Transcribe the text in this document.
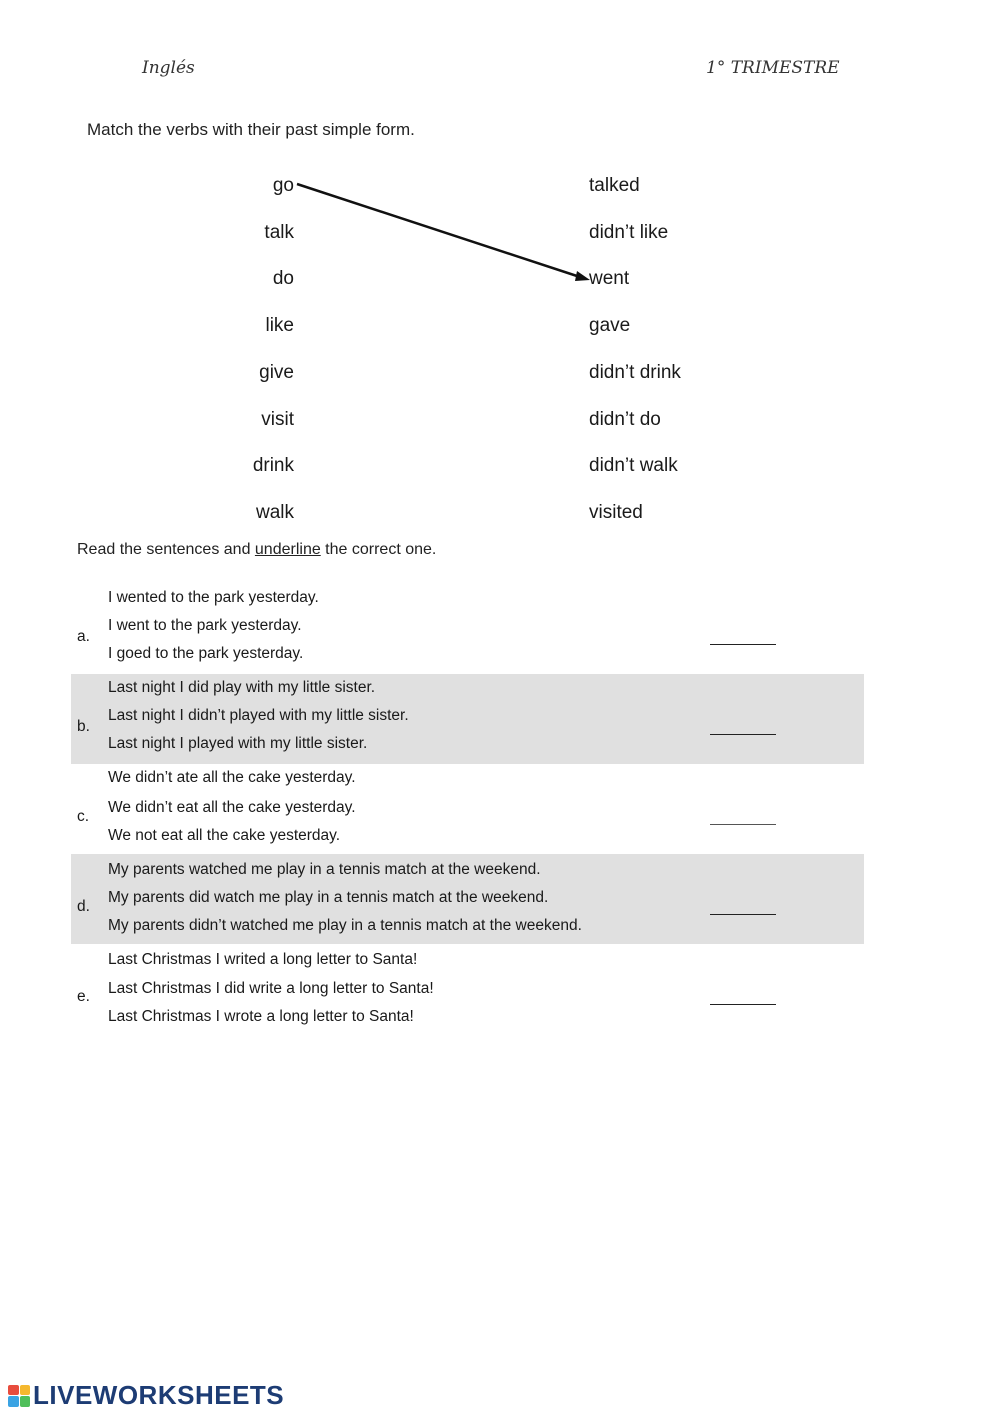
Inglés	1° TRIMESTRE
Match the verbs with their past simple form.
go
talk
do
like
give
visit
drink
walk
talked
didn’t like
went
gave
didn’t drink
didn’t do
didn’t walk
visited
Read the sentences and underline the correct one.
I wented to the park yesterday.
a.
I went to the park yesterday.
I goed to the park yesterday.
Last night I did play with my little sister.
b.
Last night I didn’t played with my little sister.
Last night I played with my little sister.
We didn’t ate all the cake yesterday.
c.
We didn’t eat all the cake yesterday.
We not eat all the cake yesterday.
My parents watched me play in a tennis match at the weekend.
d.
My parents did watch me play in a tennis match at the weekend.
My parents didn’t watched me play in a tennis match at the weekend.
Last Christmas I writed a long letter to Santa!
e. Last Christmas I did write a long letter to Santa!
Last Christmas I wrote a long letter to Santa!
LIVEWORKSHEETS
